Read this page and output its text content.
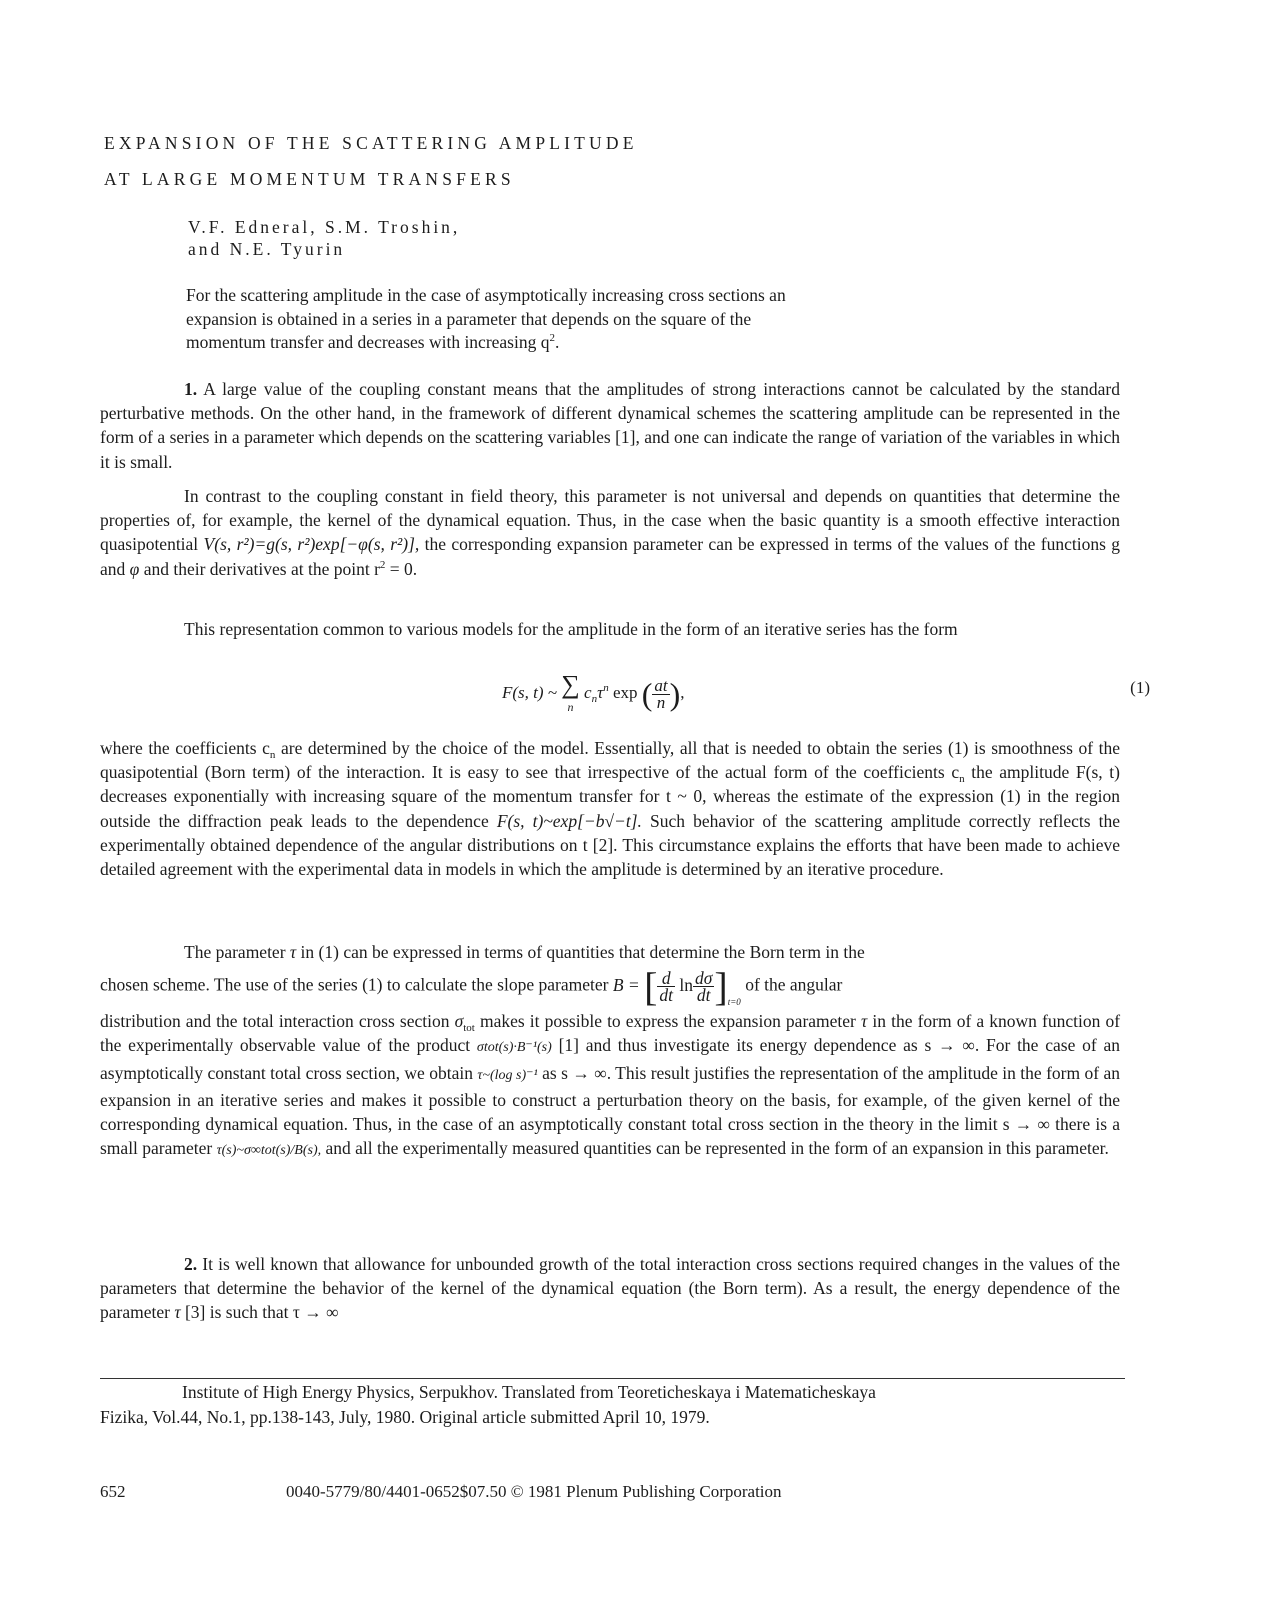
EXPANSION OF THE SCATTERING AMPLITUDE
AT LARGE MOMENTUM TRANSFERS
V.F. Edneral, S.M. Troshin,
and N.E. Tyurin
For the scattering amplitude in the case of asymptotically increasing cross sections an
expansion is obtained in a series in a parameter that depends on the square of the
momentum transfer and decreases with increasing $q^2$.

1. A large value of the coupling constant means that the amplitudes of strong interactions cannot be calculated by the standard perturbative methods. On the other hand, in the framework of different dynamical schemes the scattering amplitude can be represented in the form of a series in a parameter which depends on the scattering variables [1], and one can indicate the range of variation of the variables in which it is small.

In contrast to the coupling constant in field theory, this parameter is not universal and depends on quantities that determine the properties of, for example, the kernel of the dynamical equation. Thus, in the case when the basic quantity is a smooth effective interaction quasipotential V(s, r²)=g(s, r²)exp[−φ(s, r²)], the corresponding expansion parameter can be expressed in terms of the values of the functions g and φ and their derivatives at the point $r^2 = 0$.

This representation common to various models for the amplitude in the form of an iterative series has the form

F(s, t) ~ ∑
n
$c_n\tau^n$ exp ( $\frac{at}{n}$ ),	(1)

where the coefficients $c_n$ are determined by the choice of the model. Essentially, all that is needed to obtain the series (1) is smoothness of the quasipotential (Born term) of the interaction. It is easy to see that irrespective of the actual form of the coefficients $c_n$ the amplitude F(s, t) decreases exponentially with increasing square of the momentum transfer for t ~ 0, whereas the estimate of the expression (1) in the region outside the diffraction peak leads to the dependence F(s, t)~exp[−b√−t]. Such behavior of the scattering amplitude correctly reflects the experimentally obtained dependence of the angular distributions on t [2]. This circumstance explains the efforts that have been made to achieve detailed agreement with the experimental data in models in which the amplitude is determined by an iterative procedure.

The parameter τ in (1) can be expressed in terms of quantities that determine the Born term in the

chosen scheme. The use of the series (1) to calculate the slope parameter B = [ $\frac{d}{dt}$ $\ln \frac{d\sigma}{dt} ]_{t=0}$ of the angular

distribution and the total interaction cross section $\sigma_{tot}$ makes it possible to express the expansion parameter τ in the form of a known function of the experimentally observable value of the product σtot(s)·B⁻¹(s) [1] and thus investigate its energy dependence as s → ∞. For the case of an asymptotically constant total cross section, we obtain τ~(log s)⁻¹ as s → ∞. This result justifies the representation of the amplitude in the form of an expansion in an iterative series and makes it possible to construct a perturbation theory on the basis, for example, of the given kernel of the corresponding dynamical equation. Thus, in the case of an asymptotically constant total cross section in the theory in the limit s → ∞ there is a small parameter τ(s)~σ∞tot(s)/B(s), and all the experimentally measured quantities can be represented in the form of an expansion in this parameter.

2. It is well known that allowance for unbounded growth of the total interaction cross sections required changes in the values of the parameters that determine the behavior of the kernel of the dynamical equation (the Born term). As a result, the energy dependence of the parameter τ [3] is such that τ → ∞

Institute of High Energy Physics, Serpukhov. Translated from Teoreticheskaya i Matematicheskaya
Fizika, Vol.44, No.1, pp.138-143, July, 1980. Original article submitted April 10, 1979.
652	0040-5779/80/4401-0652$07.50 © 1981 Plenum Publishing Corporation
